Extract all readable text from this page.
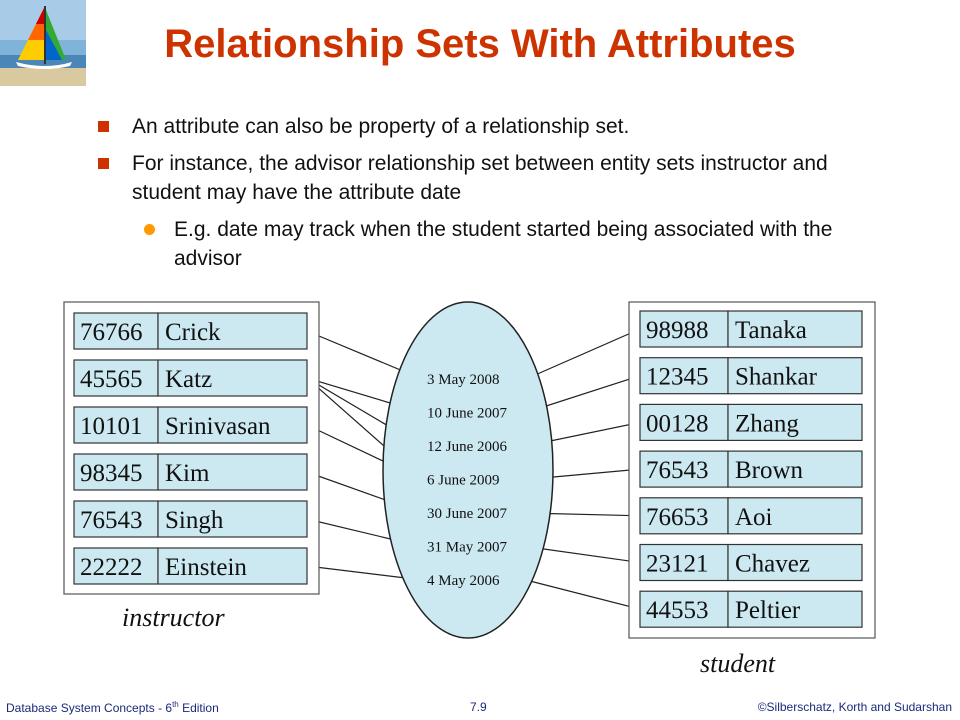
Relationship Sets With Attributes
An attribute can also be property of a relationship set.
For instance, the advisor relationship set between entity sets instructor and student may have the attribute date
E.g. date may track when the student started being associated with the advisor
76766 Crick
45565 Katz
10101 Srinivasan
98345 Kim
76543 Singh
22222 Einstein
98988 Tanaka
12345 Shankar
00128 Zhang
76543 Brown
76653 Aoi
23121 Chavez
44553 Peltier
3 May 2008
10 June 2007
12 June 2006
6 June 2009
30 June 2007
31 May 2007
4 May 2006
instructor
student
Database System Concepts - 6th Edition	7.9	©Silberschatz, Korth and Sudarshan
